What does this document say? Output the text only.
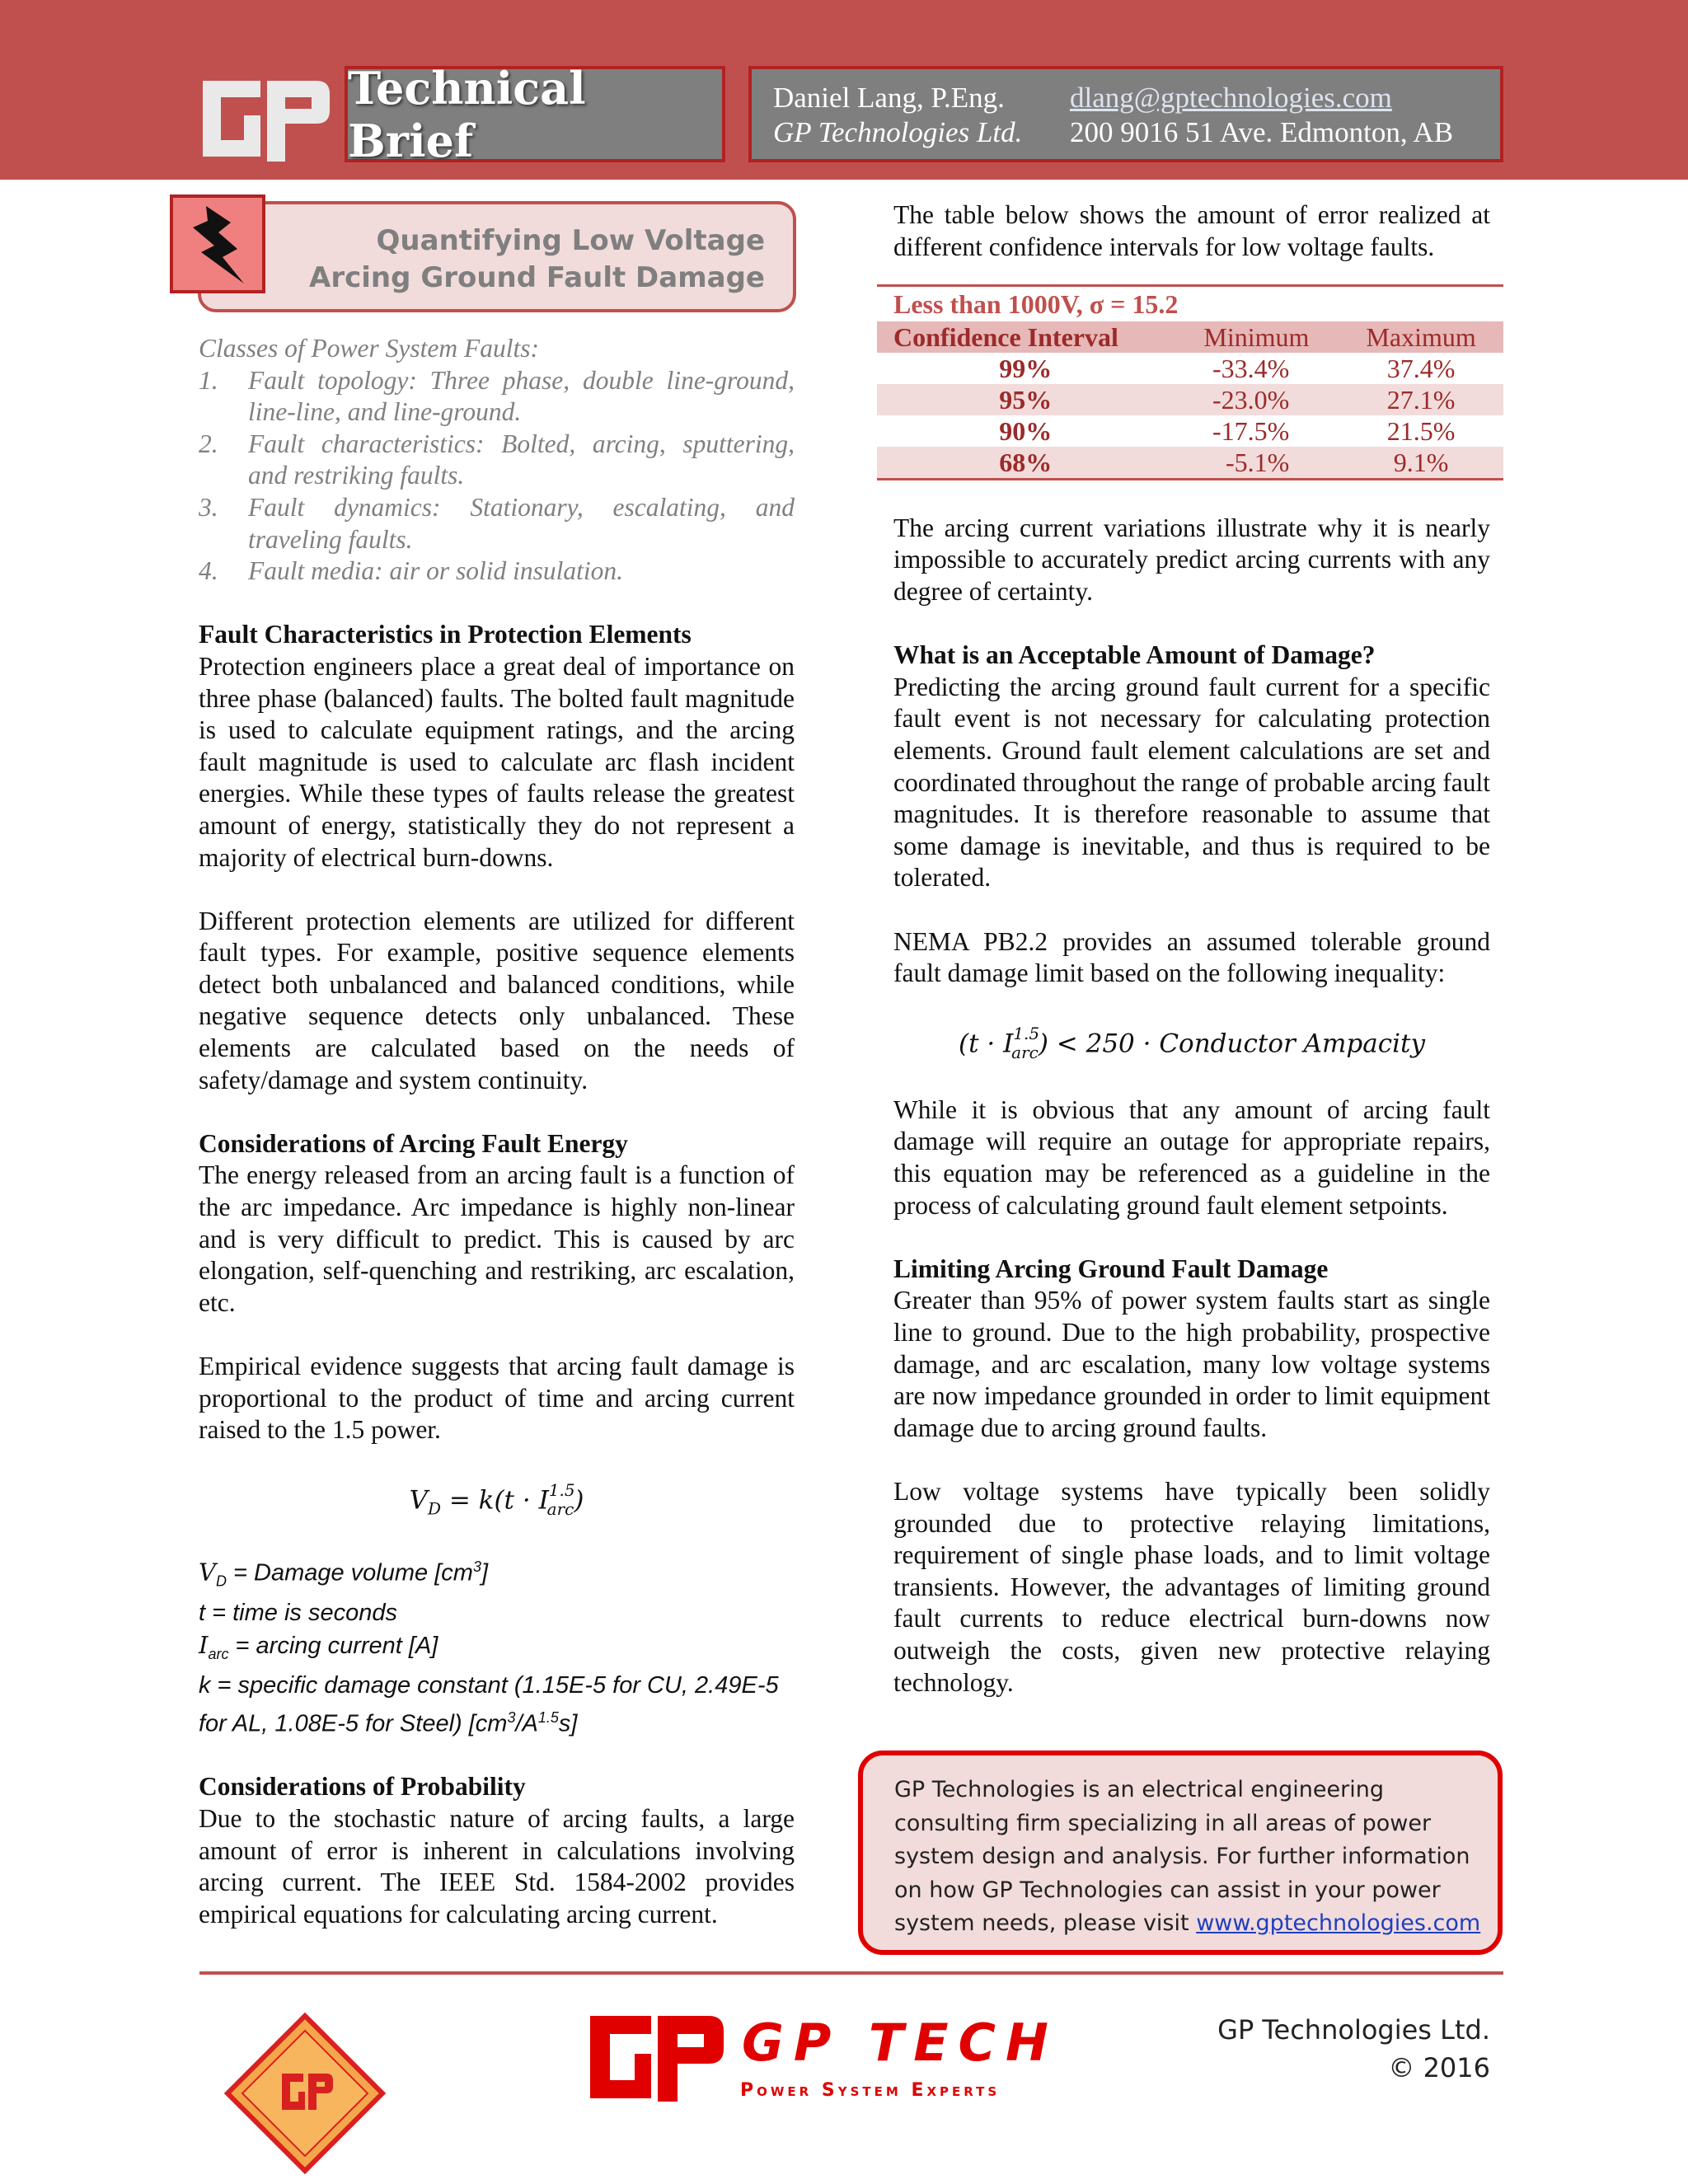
Technical Brief
Daniel Lang, P.Eng.	dlang@gptechnologies.com
GP Technologies Ltd.	200 9016 51 Ave. Edmonton, AB
Quantifying Low Voltage
Arcing Ground Fault Damage
Classes of Power System Faults:
1.	Fault topology: Three phase, double line-ground, line-line, and line-ground.
2.	Fault characteristics: Bolted, arcing, sputtering, and restriking faults.
3.	Fault dynamics: Stationary, escalating, and traveling faults.
4.	Fault media: air or solid insulation.
Fault Characteristics in Protection Elements
Protection engineers place a great deal of importance on three phase (balanced) faults. The bolted fault magnitude is used to calculate equipment ratings, and the arcing fault magnitude is used to calculate arc flash incident energies. While these types of faults release the greatest amount of energy, statistically they do not represent a majority of electrical burn-downs.
Different protection elements are utilized for different fault types. For example, positive sequence elements detect both unbalanced and balanced conditions, while negative sequence detects only unbalanced. These elements are calculated based on the needs of safety/damage and system continuity.
Considerations of Arcing Fault Energy
The energy released from an arcing fault is a function of the arc impedance. Arc impedance is highly non-linear and is very difficult to predict. This is caused by arc elongation, self-quenching and restriking, arc escalation, etc.
Empirical evidence suggests that arcing fault damage is proportional to the product of time and arcing current raised to the 1.5 power.
$V_D = k(t \cdot I^{1.5}_{arc})$
$V_D$ = Damage volume $[cm^3]$
t = time is seconds
$I_{arc}$ = arcing current [A]
k = specific damage constant (1.15E-5 for CU, 2.49E-5 for AL, 1.08E-5 for Steel) $[cm^3/A^{1.5}s]$
Considerations of Probability
Due to the stochastic nature of arcing faults, a large amount of error is inherent in calculations involving arcing current. The IEEE Std. 1584-2002 provides empirical equations for calculating arcing current.
The table below shows the amount of error realized at different confidence intervals for low voltage faults.
Less than 1000V, σ = 15.2		
Confidence Interval	Minimum	Maximum
99%	-33.4%	37.4%
95%	-23.0%	27.1%
90%	-17.5%	21.5%
68%	-5.1%	9.1%
The arcing current variations illustrate why it is nearly impossible to accurately predict arcing currents with any degree of certainty.
What is an Acceptable Amount of Damage?
Predicting the arcing ground fault current for a specific fault event is not necessary for calculating protection elements. Ground fault element calculations are set and coordinated throughout the range of probable arcing fault magnitudes. It is therefore reasonable to assume that some damage is inevitable, and thus is required to be tolerated.
NEMA PB2.2 provides an assumed tolerable ground fault damage limit based on the following inequality:
$(t \cdot I^{1.5}_{arc}) < 250$ · Conductor Ampacity
While it is obvious that any amount of arcing fault damage will require an outage for appropriate repairs, this equation may be referenced as a guideline in the process of calculating ground fault element setpoints.
Limiting Arcing Ground Fault Damage
Greater than 95% of power system faults start as single line to ground. Due to the high probability, prospective damage, and arc escalation, many low voltage systems are now impedance grounded in order to limit equipment damage due to arcing ground faults.
Low voltage systems have typically been solidly grounded due to protective relaying limitations, requirement of single phase loads, and to limit voltage transients. However, the advantages of limiting ground fault currents to reduce electrical burn-downs now outweigh the costs, given new protective relaying technology.
GP Technologies is an electrical engineering consulting firm specializing in all areas of power system design and analysis. For further information on how GP Technologies can assist in your power system needs, please visit www.gptechnologies.com
GP TECH
Power System Experts
GP Technologies Ltd.
© 2016
